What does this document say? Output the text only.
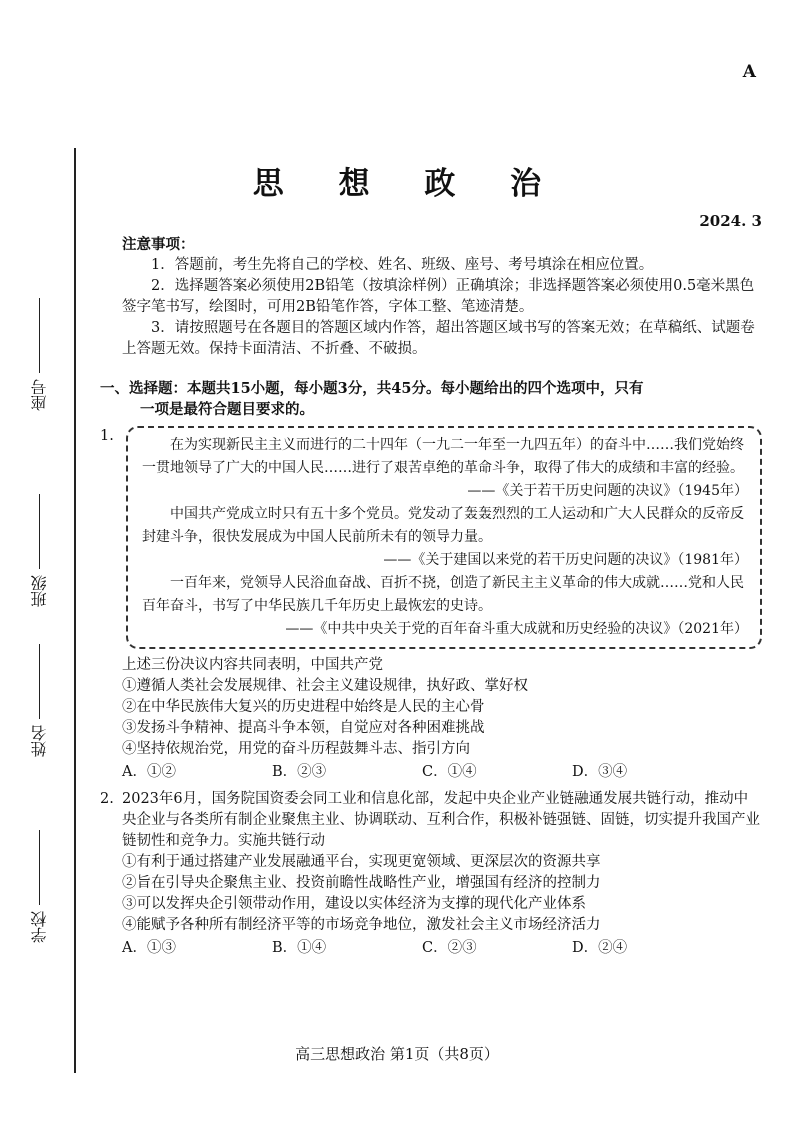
A
座号
班级
姓名
学校
思 想 政 治
2024. 3
注意事项：

1．答题前，考生先将自己的学校、姓名、班级、座号、考号填涂在相应位置。

2．选择题答案必须使用2B铅笔（按填涂样例）正确填涂；非选择题答案必须使用0.5毫米黑色签字笔书写，绘图时，可用2B铅笔作答，字体工整、笔迹清楚。

3．请按照题号在各题目的答题区域内作答，超出答题区域书写的答案无效；在草稿纸、试题卷上答题无效。保持卡面清洁、不折叠、不破损。

一、选择题：本题共15小题，每小题3分，共45分。每小题给出的四个选项中，只有
一项是最符合题目要求的。
1.

在为实现新民主主义而进行的二十四年（一九二一年至一九四五年）的奋斗中……我们党始终一贯地领导了广大的中国人民……进行了艰苦卓绝的革命斗争，取得了伟大的成绩和丰富的经验。

——《关于若干历史问题的决议》（1945年）

中国共产党成立时只有五十多个党员。党发动了轰轰烈烈的工人运动和广大人民群众的反帝反封建斗争，很快发展成为中国人民前所未有的领导力量。

——《关于建国以来党的若干历史问题的决议》（1981年）

一百年来，党领导人民浴血奋战、百折不挠，创造了新民主主义革命的伟大成就……党和人民百年奋斗，书写了中华民族几千年历史上最恢宏的史诗。

——《中共中央关于党的百年奋斗重大成就和历史经验的决议》（2021年）

上述三份决议内容共同表明，中国共产党

①遵循人类社会发展规律、社会主义建设规律，执好政、掌好权

②在中华民族伟大复兴的历史进程中始终是人民的主心骨

③发扬斗争精神、提高斗争本领，自觉应对各种困难挑战

④坚持依规治党，用党的奋斗历程鼓舞斗志、指引方向

A．①②	B．②③	C．①④	D．③④
2. 2023年6月，国务院国资委会同工业和信息化部，发起中央企业产业链融通发展共链行动，推动中央企业与各类所有制企业聚焦主业、协调联动、互利合作，积极补链强链、固链，切实提升我国产业链韧性和竞争力。实施共链行动

①有利于通过搭建产业发展融通平台，实现更宽领域、更深层次的资源共享

②旨在引导央企聚焦主业、投资前瞻性战略性产业，增强国有经济的控制力

③可以发挥央企引领带动作用，建设以实体经济为支撑的现代化产业体系

④能赋予各种所有制经济平等的市场竞争地位，激发社会主义市场经济活力

A．①③	B．①④	C．②③	D．②④
高三思想政治 第1页（共8页）
